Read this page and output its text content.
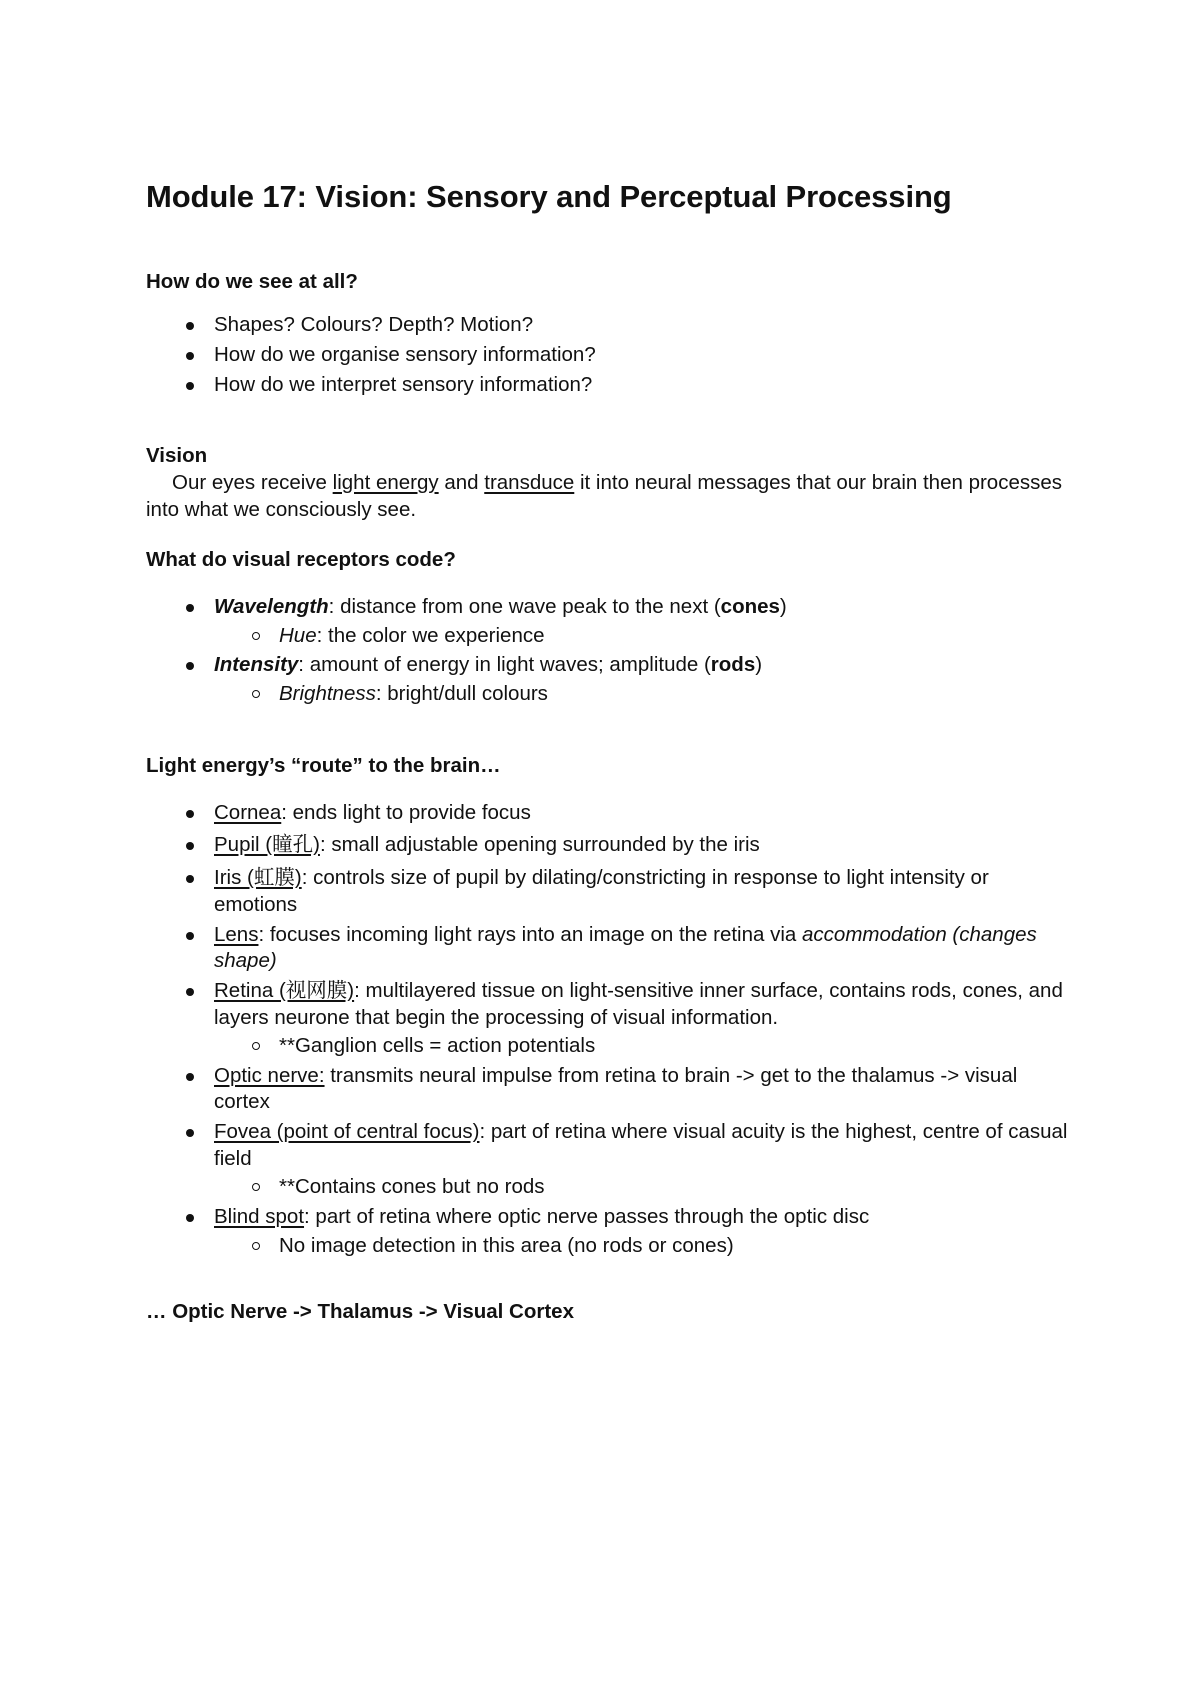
Module 17: Vision: Sensory and Perceptual Processing
How do we see at all?
Shapes? Colours? Depth? Motion?
How do we organise sensory information?
How do we interpret sensory information?
Vision
Our eyes receive light energy and transduce it into neural messages that our brain then processes into what we consciously see.
What do visual receptors code?
Wavelength: distance from one wave peak to the next (cones)
Hue: the color we experience
Intensity: amount of energy in light waves; amplitude (rods)
Brightness: bright/dull colours
Light energy’s “route” to the brain…
Cornea: ends light to provide focus
Pupil (瞳孔): small adjustable opening surrounded by the iris
Iris (虹膜): controls size of pupil by dilating/constricting in response to light intensity or emotions
Lens: focuses incoming light rays into an image on the retina via accommodation (changes shape)
Retina (视网膜): multilayered tissue on light-sensitive inner surface, contains rods, cones, and layers neurone that begin the processing of visual information.
**Ganglion cells = action potentials
Optic nerve: transmits neural impulse from retina to brain -> get to the thalamus -> visual cortex
Fovea (point of central focus): part of retina where visual acuity is the highest, centre of casual field
**Contains cones but no rods
Blind spot: part of retina where optic nerve passes through the optic disc
No image detection in this area (no rods or cones)
… Optic Nerve -> Thalamus -> Visual Cortex
